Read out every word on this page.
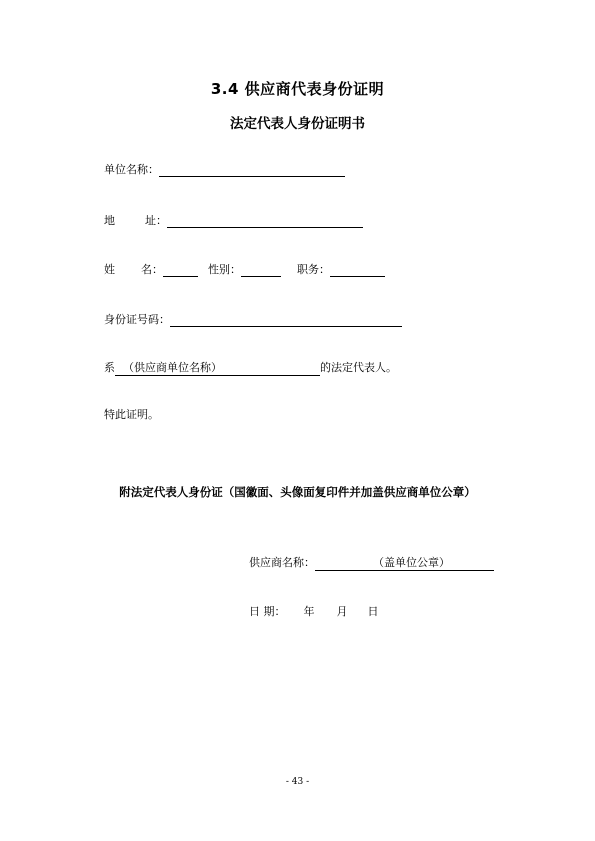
3.4 供应商代表身份证明
法定代表人身份证明书
单位名称：
地	址：
姓 名：	性别：	职务：
身份证号码：
系 （供应商单位名称）	的法定代表人。
特此证明。
附法定代表人身份证（国徽面、头像面复印件并加盖供应商单位公章）
供应商名称：	（盖单位公章）
日 期： 年 月 日
- 43 -
